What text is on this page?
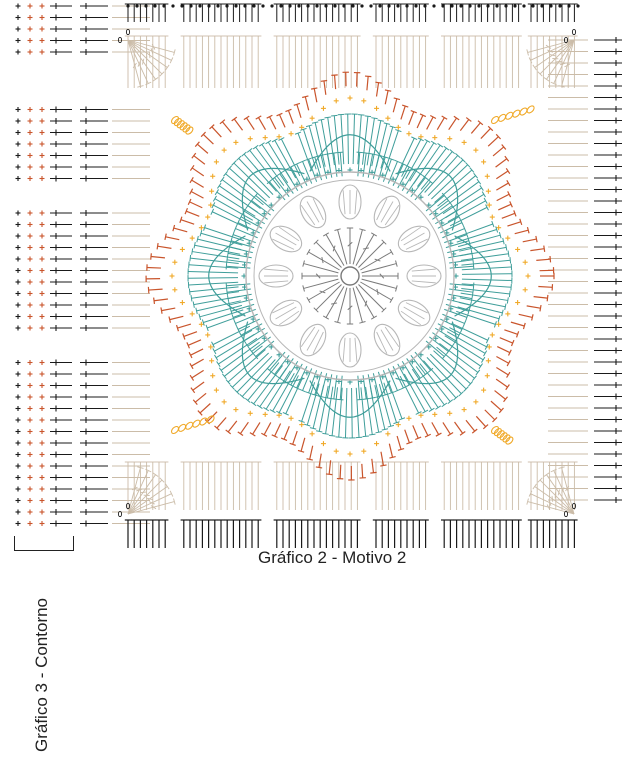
Gráfico 2 - Motivo 2
Gráfico 3 - Contorno
